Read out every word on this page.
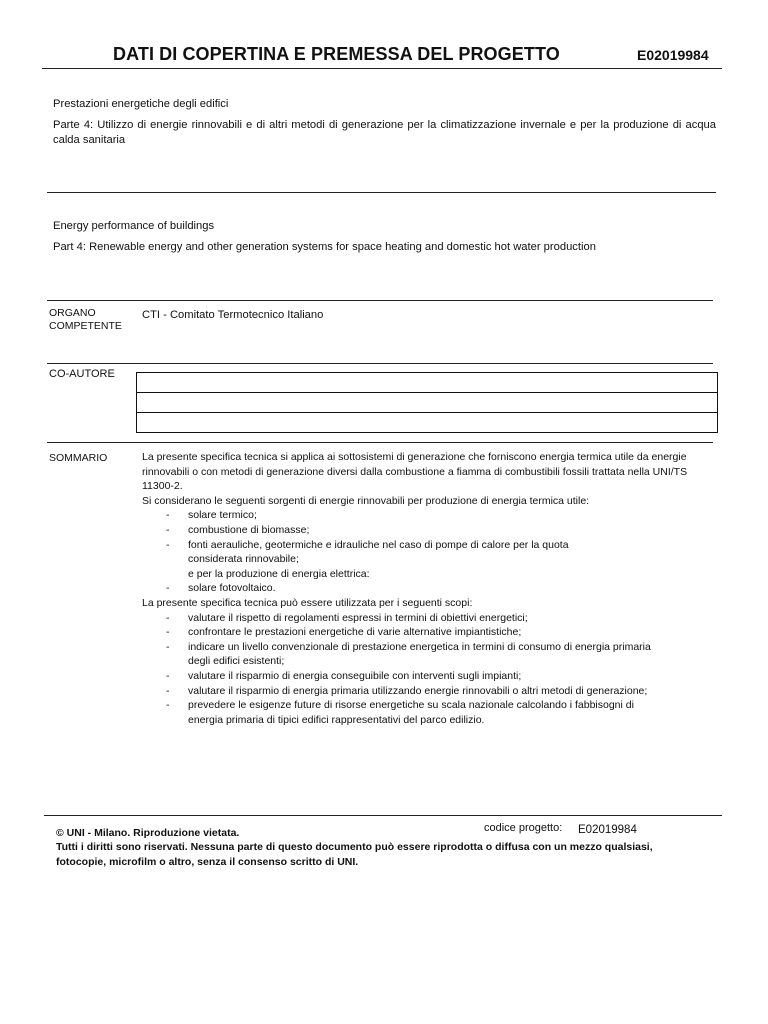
DATI DI COPERTINA E PREMESSA DEL PROGETTO	E02019984
Prestazioni energetiche degli edifici
Parte 4: Utilizzo di energie rinnovabili e di altri metodi di generazione per la climatizzazione invernale e per la produzione di acqua calda sanitaria
Energy performance of buildings
Part 4: Renewable energy and other generation systems for space heating and domestic hot water production
ORGANO
COMPETENTE
CTI - Comitato Termotecnico Italiano
CO-AUTORE
SOMMARIO	La presente specifica tecnica si applica ai sottosistemi di generazione che forniscono energia termica utile da energie rinnovabili o con metodi di generazione diversi dalla combustione a fiamma di combustibili fossili trattata nella UNI/TS 11300-2.

Si considerano le seguenti sorgenti di energie rinnovabili per produzione di energia termica utile:

- solare termico;
- combustione di biomasse;
- fonti aerauliche, geotermiche e idrauliche nel caso di pompe di calore per la quota considerata rinnovabile;
e per la produzione di energia elettrica:
- solare fotovoltaico.

La presente specifica tecnica può essere utilizzata per i seguenti scopi:

- valutare il rispetto di regolamenti espressi in termini di obiettivi energetici;
- confrontare le prestazioni energetiche di varie alternative impiantistiche;
- indicare un livello convenzionale di prestazione energetica in termini di consumo di energia primaria degli edifici esistenti;
- valutare il risparmio di energia conseguibile con interventi sugli impianti;
- valutare il risparmio di energia primaria utilizzando energie rinnovabili o altri metodi di generazione;
- prevedere le esigenze future di risorse energetiche su scala nazionale calcolando i fabbisogni di energia primaria di tipici edifici rappresentativi del parco edilizio.
codice progetto: E02019984
© UNI - Milano. Riproduzione vietata.
Tutti i diritti sono riservati. Nessuna parte di questo documento può essere riprodotta o diffusa con un mezzo qualsiasi, fotocopie, microfilm o altro, senza il consenso scritto di UNI.
